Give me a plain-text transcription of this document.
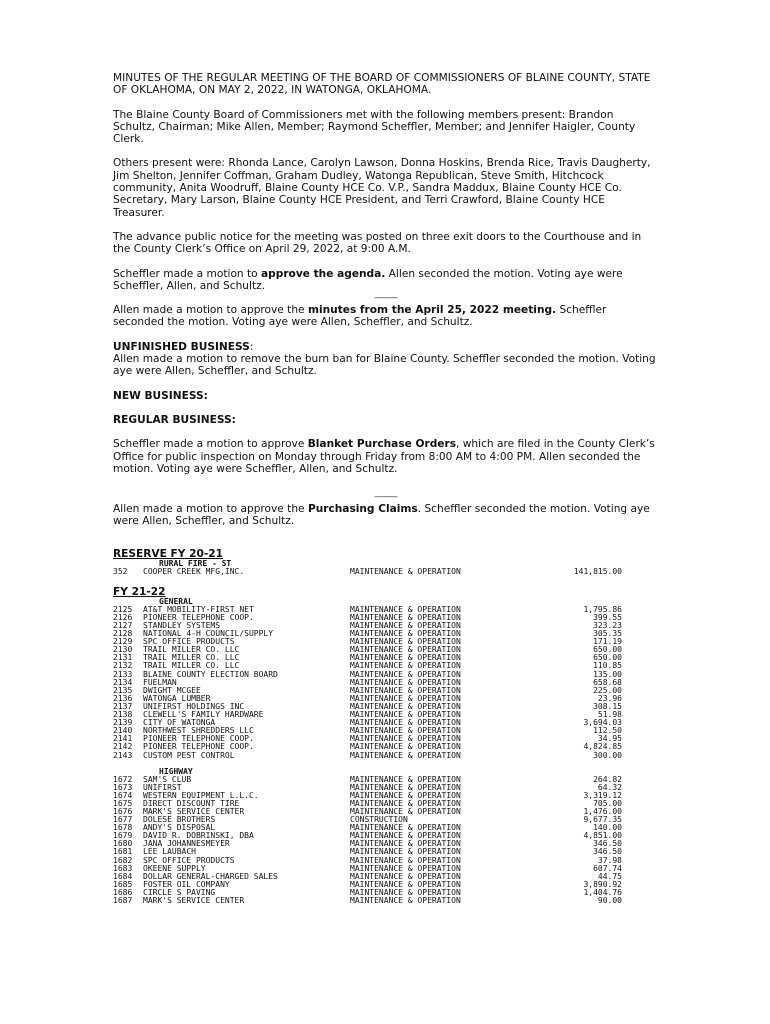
MINUTES OF THE REGULAR MEETING OF THE BOARD OF COMMISSIONERS OF BLAINE COUNTY, STATE OF OKLAHOMA, ON MAY 2, 2022, IN WATONGA, OKLAHOMA.

The Blaine County Board of Commissioners met with the following members present: Brandon Schultz, Chairman; Mike Allen, Member; Raymond Scheffler, Member; and Jennifer Haigler, County Clerk.

Others present were: Rhonda Lance, Carolyn Lawson, Donna Hoskins, Brenda Rice, Travis Daugherty, Jim Shelton, Jennifer Coffman, Graham Dudley, Watonga Republican, Steve Smith, Hitchcock community, Anita Woodruff, Blaine County HCE Co. V.P., Sandra Maddux, Blaine County HCE Co. Secretary, Mary Larson, Blaine County HCE President, and Terri Crawford, Blaine County HCE Treasurer.

The advance public notice for the meeting was posted on three exit doors to the Courthouse and in the County Clerk’s Office on April 29, 2022, at 9:00 A.M.

Scheffler made a motion to approve the agenda. Allen seconded the motion. Voting aye were Scheffler, Allen, and Schultz.

------------

Allen made a motion to approve the minutes from the April 25, 2022 meeting. Scheffler seconded the motion. Voting aye were Allen, Scheffler, and Schultz.

UNFINISHED BUSINESS:
Allen made a motion to remove the burn ban for Blaine County. Scheffler seconded the motion. Voting aye were Allen, Scheffler, and Schultz.

NEW BUSINESS:

REGULAR BUSINESS:

Scheffler made a motion to approve Blanket Purchase Orders, which are filed in the County Clerk’s Office for public inspection on Monday through Friday from 8:00 AM to 4:00 PM. Allen seconded the motion. Voting aye were Scheffler, Allen, and Schultz.

------------

Allen made a motion to approve the Purchasing Claims. Scheffler seconded the motion. Voting aye were Allen, Scheffler, and Schultz.

RESERVE FY 20-21

RURAL FIRE - ST

352	COOPER CREEK MFG,INC.	MAINTENANCE & OPERATION	141,815.00

FY 21-22

GENERAL

2125	AT&T MOBILITY-FIRST NET	MAINTENANCE & OPERATION	1,795.86
2126	PIONEER TELEPHONE COOP.	MAINTENANCE & OPERATION	399.55
2127	STANDLEY SYSTEMS	MAINTENANCE & OPERATION	323.23
2128	NATIONAL 4-H COUNCIL/SUPPLY	MAINTENANCE & OPERATION	305.35
2129	SPC OFFICE PRODUCTS	MAINTENANCE & OPERATION	171.19
2130	TRAIL MILLER CO. LLC	MAINTENANCE & OPERATION	650.00
2131	TRAIL MILLER CO. LLC	MAINTENANCE & OPERATION	650.00
2132	TRAIL MILLER CO. LLC	MAINTENANCE & OPERATION	110.85
2133	BLAINE COUNTY ELECTION BOARD	MAINTENANCE & OPERATION	135.00
2134	FUELMAN	MAINTENANCE & OPERATION	658.68
2135	DWIGHT MCGEE	MAINTENANCE & OPERATION	225.00
2136	WATONGA LUMBER	MAINTENANCE & OPERATION	23.96
2137	UNIFIRST HOLDINGS INC	MAINTENANCE & OPERATION	308.15
2138	CLEWELL'S FAMILY HARDWARE	MAINTENANCE & OPERATION	51.98
2139	CITY OF WATONGA	MAINTENANCE & OPERATION	3,694.03
2140	NORTHWEST SHREDDERS LLC	MAINTENANCE & OPERATION	112.50
2141	PIONEER TELEPHONE COOP.	MAINTENANCE & OPERATION	34.95
2142	PIONEER TELEPHONE COOP.	MAINTENANCE & OPERATION	4,824.85
2143	CUSTOM PEST CONTROL	MAINTENANCE & OPERATION	300.00

HIGHWAY

1672	SAM'S CLUB	MAINTENANCE & OPERATION	264.82
1673	UNIFIRST	MAINTENANCE & OPERATION	64.32
1674	WESTERN EQUIPMENT L.L.C.	MAINTENANCE & OPERATION	3,319.12
1675	DIRECT DISCOUNT TIRE	MAINTENANCE & OPERATION	705.00
1676	MARK'S SERVICE CENTER	MAINTENANCE & OPERATION	1,476.00
1677	DOLESE BROTHERS	CONSTRUCTION	9,677.35
1678	ANDY'S DISPOSAL	MAINTENANCE & OPERATION	140.00
1679	DAVID R. DOBRINSKI, DBA	MAINTENANCE & OPERATION	4,851.00
1680	JANA JOHANNESMEYER	MAINTENANCE & OPERATION	346.50
1681	LEE LAUBACH	MAINTENANCE & OPERATION	346.50
1682	SPC OFFICE PRODUCTS	MAINTENANCE & OPERATION	37.98
1683	OKEENE SUPPLY	MAINTENANCE & OPERATION	607.74
1684	DOLLAR GENERAL-CHARGED SALES	MAINTENANCE & OPERATION	44.75
1685	FOSTER OIL COMPANY	MAINTENANCE & OPERATION	3,890.92
1686	CIRCLE S PAVING	MAINTENANCE & OPERATION	1,404.76
1687	MARK'S SERVICE CENTER	MAINTENANCE & OPERATION	90.00
